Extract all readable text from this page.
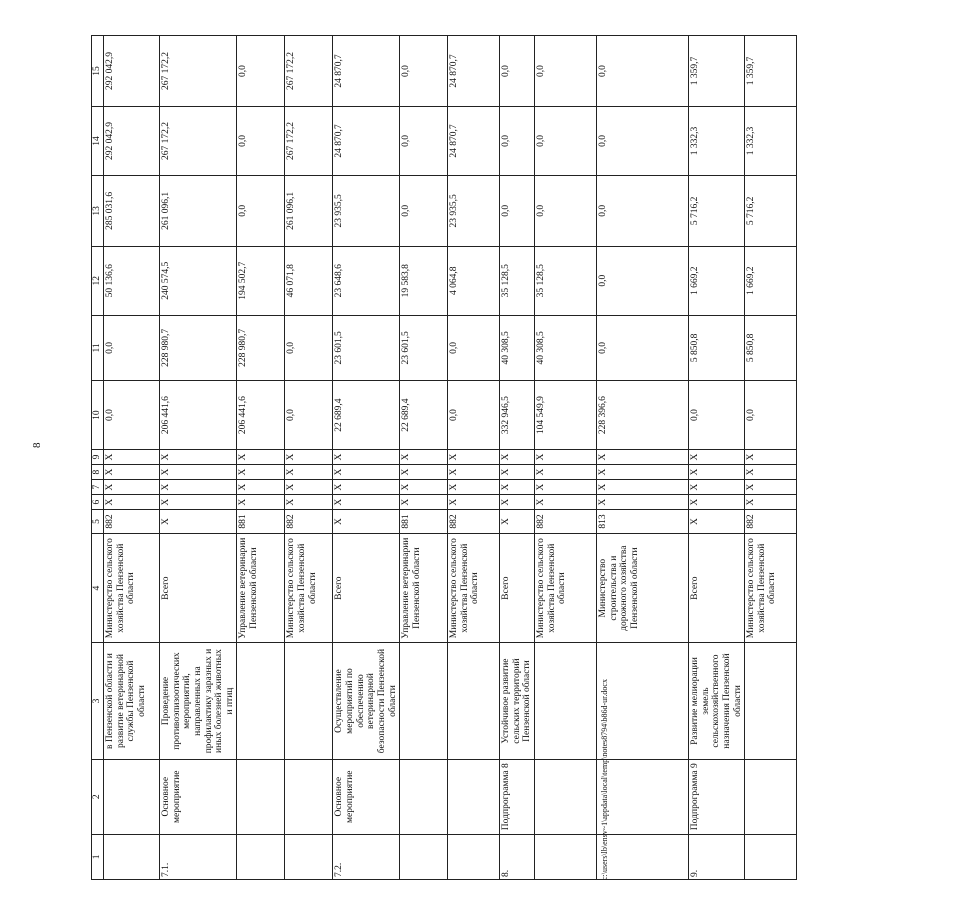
8
c:\users\lb\ensv~1\appdata\local\temp\notes8794\b86d-ur.docx
1	2	3	4	5	6	7	8	9	10	11	12	13	14	15
		в Пензенской области и развитие ветеринарной службы Пензенской области	Министерство сельского хозяйства Пензенской области	882	X	X	X	X	0,0	0,0	50 136,6	285 031,6	292 042,9	292 042,9
7.1.	Основное мероприятие	Проведение противоэпизоотических мероприятий, направленных на профилактику заразных и иных болезней животных и птиц	Всего	X	X	X	X	X	206 441,6	228 980,7	240 574,5	261 096,1	267 172,2	267 172,2
			Управление ветеринарии Пензенской области	881	X	X	X	X	206 441,6	228 980,7	194 502,7	0,0	0,0	0,0
			Министерство сельского хозяйства Пензенской области	882	X	X	X	X	0,0	0,0	46 071,8	261 096,1	267 172,2	267 172,2
7.2.	Основное мероприятие	Осуществление мероприятий по обеспечению ветеринарной безопасности Пензенской области	Всего	X	X	X	X	X	22 689,4	23 601,5	23 648,6	23 935,5	24 870,7	24 870,7
			Управление ветеринарии Пензенской области	881	X	X	X	X	22 689,4	23 601,5	19 583,8	0,0	0,0	0,0
			Министерство сельского хозяйства Пензенской области	882	X	X	X	X	0,0	0,0	4 064,8	23 935,5	24 870,7	24 870,7
8.	Подпрограмма 8	Устойчивое развитие сельских территорий Пензенской области	Всего	X	X	X	X	X	332 946,5	40 308,5	35 128,5	0,0	0,0	0,0
			Министерство сельского хозяйства Пензенской области	882	X	X	X	X	104 549,9	40 308,5	35 128,5	0,0	0,0	0,0
			Министерство строительства и дорожного хозяйства Пензенской области	813	X	X	X	X	228 396,6	0,0	0,0	0,0	0,0	0,0
9.	Подпрограмма 9	Развитие мелиорации земель сельскохозяйственного назначения Пензенской области	Всего	X	X	X	X	X	0,0	5 850,8	1 669,2	5 716,2	1 332,3	1 359,7
			Министерство сельского хозяйства Пензенской области	882	X	X	X	X	0,0	5 850,8	1 669,2	5 716,2	1 332,3	1 359,7
